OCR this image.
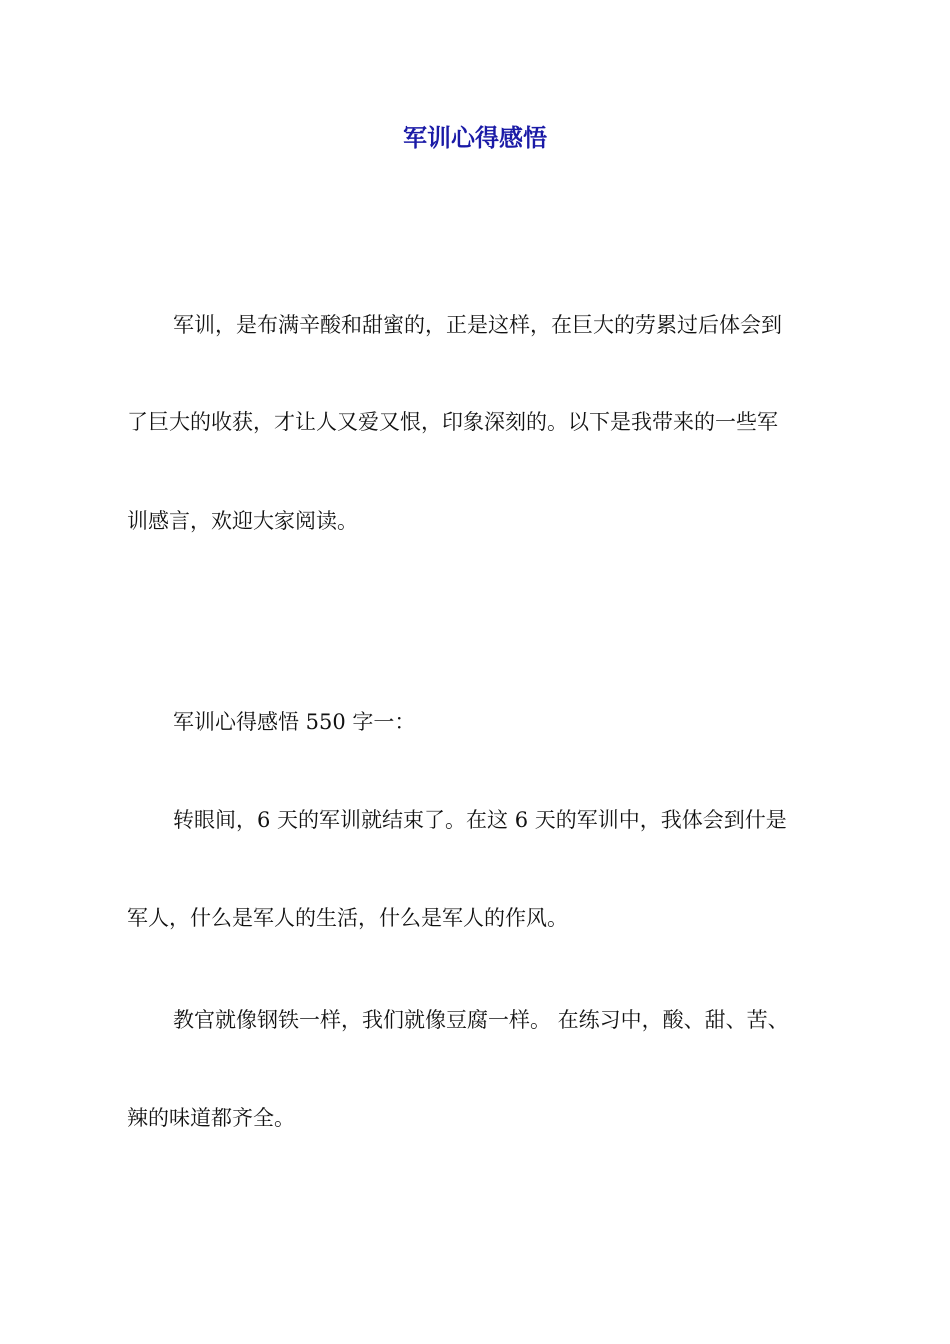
军训心得感悟

军训，是布满辛酸和甜蜜的，正是这样，在巨大的劳累过后体会到

了巨大的收获，才让人又爱又恨，印象深刻的。以下是我带来的一些军

训感言，欢迎大家阅读。

军训心得感悟 550 字一：

转眼间，6 天的军训就结束了。在这 6 天的军训中，我体会到什是

军人，什么是军人的生活，什么是军人的作风。

教官就像钢铁一样，我们就像豆腐一样。 在练习中，酸、甜、苦、

辣的味道都齐全。
